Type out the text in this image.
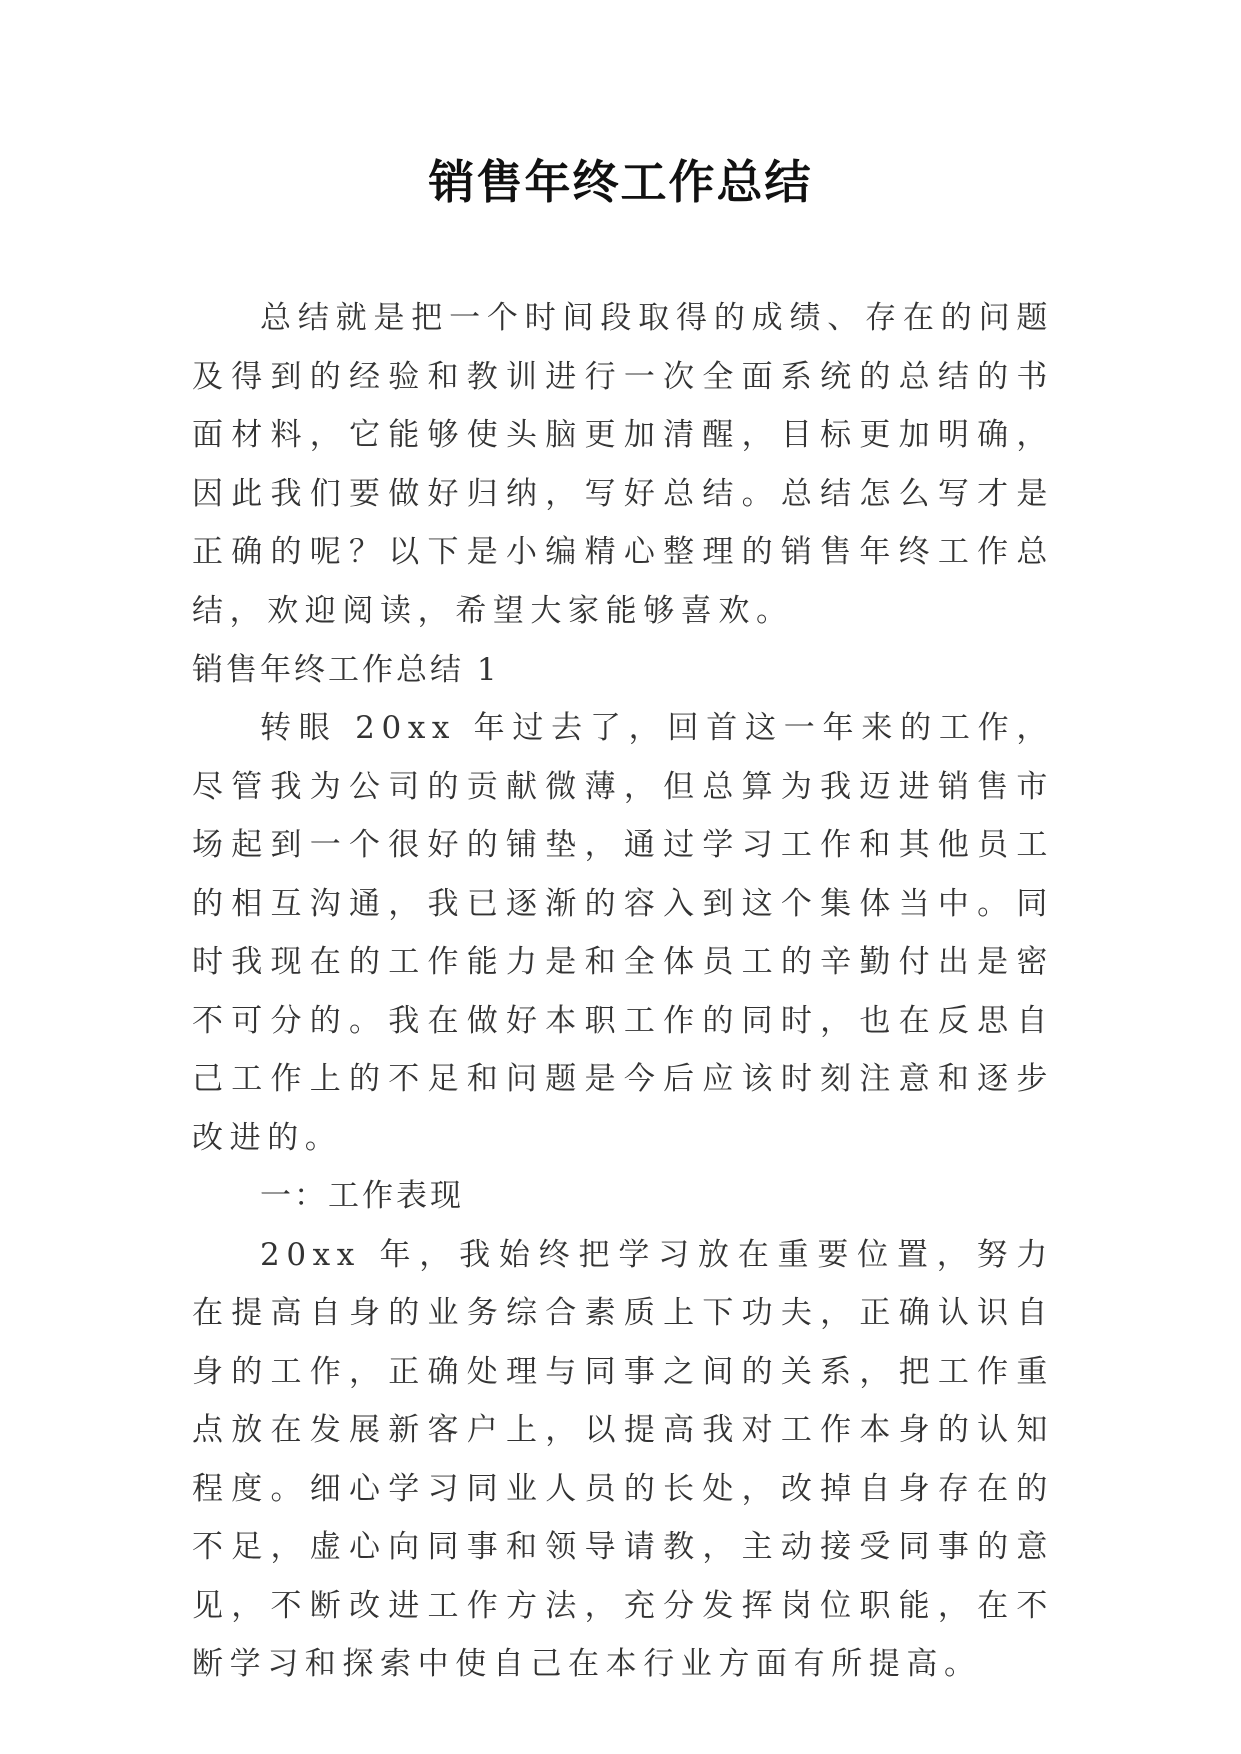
销售年终工作总结

总结就是把一个时间段取得的成绩、存在的问题及得到的经验和教训进行一次全面系统的总结的书面材料，它能够使头脑更加清醒，目标更加明确，因此我们要做好归纳，写好总结。总结怎么写才是正确的呢？以下是小编精心整理的销售年终工作总结，欢迎阅读，希望大家能够喜欢。

销售年终工作总结 1

转眼 20xx 年过去了，回首这一年来的工作，尽管我为公司的贡献微薄，但总算为我迈进销售市场起到一个很好的铺垫，通过学习工作和其他员工的相互沟通，我已逐渐的容入到这个集体当中。同时我现在的工作能力是和全体员工的辛勤付出是密不可分的。我在做好本职工作的同时，也在反思自己工作上的不足和问题是今后应该时刻注意和逐步改进的。

一：工作表现

20xx 年，我始终把学习放在重要位置，努力在提高自身的业务综合素质上下功夫，正确认识自身的工作，正确处理与同事之间的关系，把工作重点放在发展新客户上，以提高我对工作本身的认知程度。细心学习同业人员的长处，改掉自身存在的不足，虚心向同事和领导请教，主动接受同事的意见，不断改进工作方法，充分发挥岗位职能，在不断学习和探索中使自己在本行业方面有所提高。
